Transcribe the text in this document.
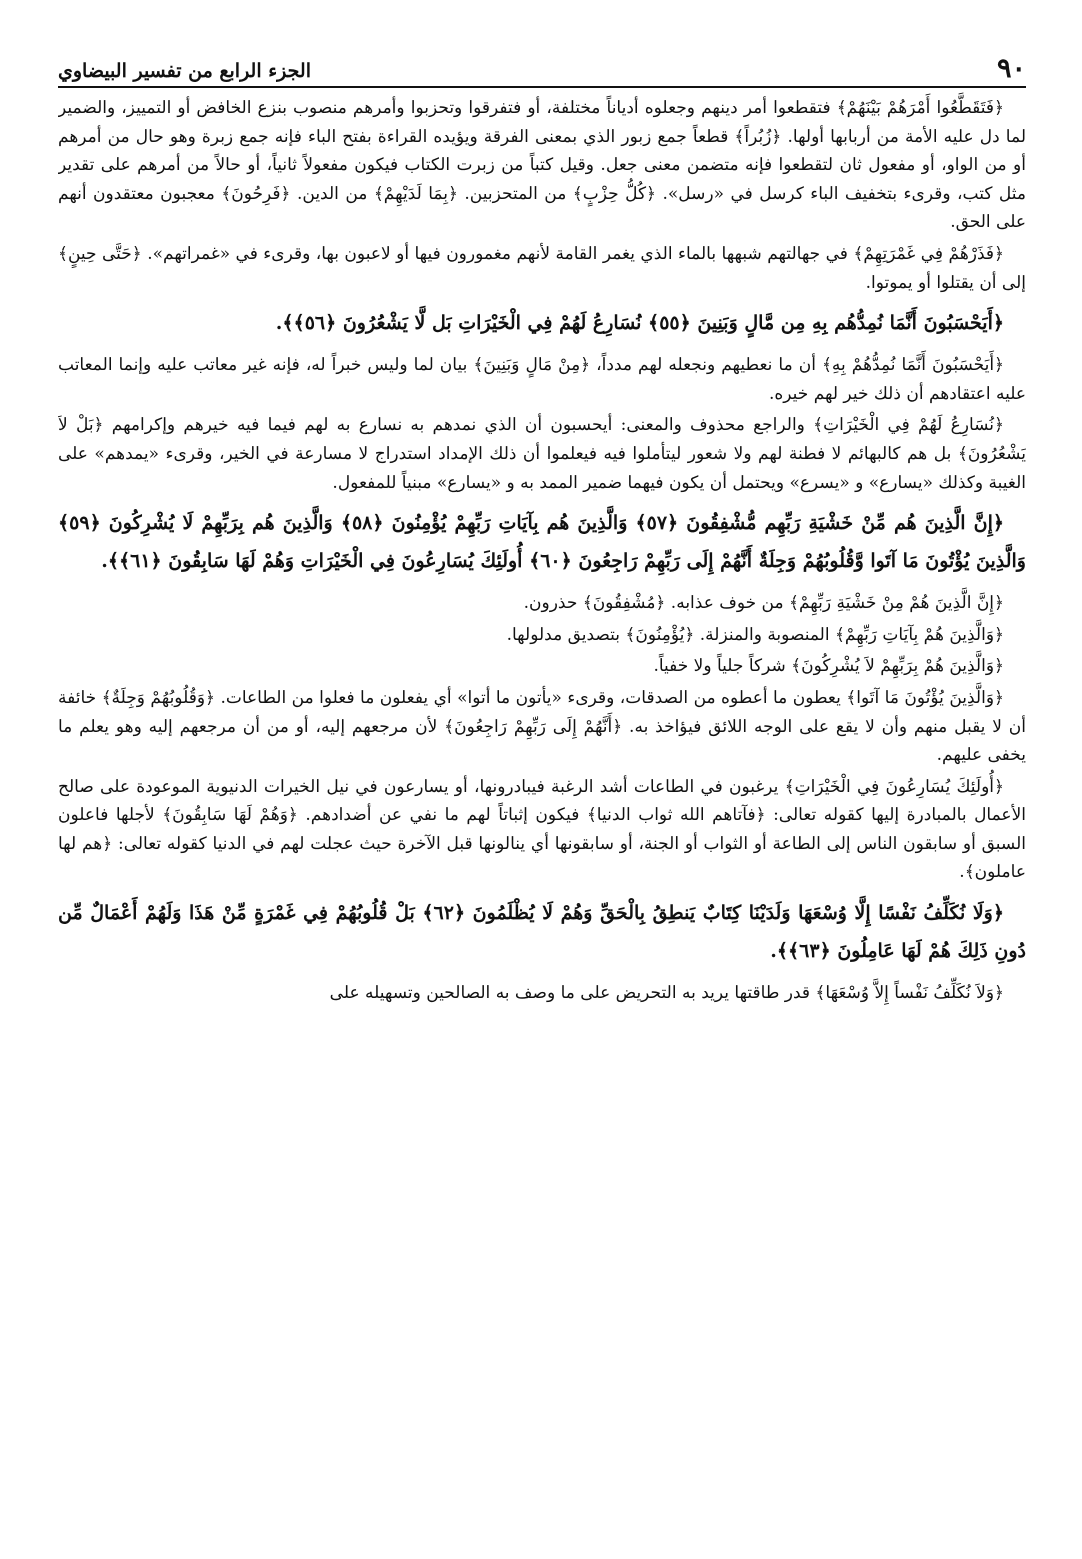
٩٠
الجزء الرابع من تفسير البيضاوي

﴿فَتَقَطَّعُوا أَمْرَهُمْ بَيْنَهُمْ﴾ فتقطعوا أمر دينهم وجعلوه أدياناً مختلفة، أو فتفرقوا وتحزبوا وأمرهم منصوب بنزع الخافض أو التمييز، والضمير لما دل عليه الأمة من أربابها أولها. ﴿زُبُراً﴾ قطعاً جمع زبور الذي بمعنى الفرقة ويؤيده القراءة بفتح الباء فإنه جمع زبرة وهو حال من أمرهم أو من الواو، أو مفعول ثان لتقطعوا فإنه متضمن معنى جعل. وقيل كتباً من زبرت الكتاب فيكون مفعولاً ثانياً، أو حالاً من أمرهم على تقدير مثل كتب، وقرىء بتخفيف الباء كرسل في «رسل». ﴿كُلُّ حِزْبٍ﴾ من المتحزبين. ﴿بِمَا لَدَيْهِمْ﴾ من الدين. ﴿فَرِحُونَ﴾ معجبون معتقدون أنهم على الحق.

﴿فَذَرْهُمْ فِي غَمْرَتِهِمْ﴾ في جهالتهم شبهها بالماء الذي يغمر القامة لأنهم مغمورون فيها أو لاعبون بها، وقرىء في «غمراتهم». ﴿حَتَّى حِينٍ﴾ إلى أن يقتلوا أو يموتوا.

﴿أَيَحْسَبُونَ أَنَّمَا نُمِدُّهُم بِهِ مِن مَّالٍ وَبَنِينَ ﴿٥٥﴾ نُسَارِعُ لَهُمْ فِي الْخَيْرَاتِ بَل لَّا يَشْعُرُونَ ﴿٥٦﴾﴾.

﴿أَيَحْسَبُونَ أَنَّمَا نُمِدُّهُمْ بِهِ﴾ أن ما نعطيهم ونجعله لهم مدداً، ﴿مِنْ مَالٍ وَبَنِينَ﴾ بيان لما وليس خبراً له، فإنه غير معاتب عليه وإنما المعاتب عليه اعتقادهم أن ذلك خير لهم خيره.

﴿نُسَارِعُ لَهُمْ فِي الْخَيْرَاتِ﴾ والراجع محذوف والمعنى: أيحسبون أن الذي نمدهم به نسارع به لهم فيما فيه خيرهم وإكرامهم ﴿بَلْ لاَ يَشْعُرُونَ﴾ بل هم كالبهائم لا فطنة لهم ولا شعور ليتأملوا فيه فيعلموا أن ذلك الإمداد استدراج لا مسارعة في الخير، وقرىء «يمدهم» على الغيبة وكذلك «يسارع» و «يسرع» ويحتمل أن يكون فيهما ضمير الممد به و «يسارع» مبنياً للمفعول.

﴿إِنَّ الَّذِينَ هُم مِّنْ خَشْيَةِ رَبِّهِم مُّشْفِقُونَ ﴿٥٧﴾ وَالَّذِينَ هُم بِآيَاتِ رَبِّهِمْ يُؤْمِنُونَ ﴿٥٨﴾ وَالَّذِينَ هُم بِرَبِّهِمْ لَا يُشْرِكُونَ ﴿٥٩﴾ وَالَّذِينَ يُؤْتُونَ مَا آتَوا وَّقُلُوبُهُمْ وَجِلَةٌ أَنَّهُمْ إِلَى رَبِّهِمْ رَاجِعُونَ ﴿٦٠﴾ أُولَئِكَ يُسَارِعُونَ فِي الْخَيْرَاتِ وَهُمْ لَهَا سَابِقُونَ ﴿٦١﴾﴾.

﴿إِنَّ الَّذِينَ هُمْ مِنْ خَشْيَةِ رَبِّهِمْ﴾ من خوف عذابه. ﴿مُشْفِقُونَ﴾ حذرون.

﴿وَالَّذِينَ هُمْ بِآيَاتِ رَبِّهِمْ﴾ المنصوبة والمنزلة. ﴿يُؤْمِنُونَ﴾ بتصديق مدلولها.

﴿وَالَّذِينَ هُمْ بِرَبِّهِمْ لاَ يُشْرِكُونَ﴾ شركاً جلياً ولا خفياً.

﴿وَالَّذِينَ يُؤْتُونَ مَا آتَوا﴾ يعطون ما أعطوه من الصدقات، وقرىء «يأتون ما أتوا» أي يفعلون ما فعلوا من الطاعات. ﴿وَقُلُوبُهُمْ وَجِلَةٌ﴾ خائفة أن لا يقبل منهم وأن لا يقع على الوجه اللائق فيؤاخذ به. ﴿أَنَّهُمْ إِلَى رَبِّهِمْ رَاجِعُونَ﴾ لأن مرجعهم إليه، أو من أن مرجعهم إليه وهو يعلم ما يخفى عليهم.

﴿أُولَئِكَ يُسَارِعُونَ فِي الْخَيْرَاتِ﴾ يرغبون في الطاعات أشد الرغبة فيبادرونها، أو يسارعون في نيل الخيرات الدنيوية الموعودة على صالح الأعمال بالمبادرة إليها كقوله تعالى: ﴿فآتاهم الله ثواب الدنيا﴾ فيكون إثباتاً لهم ما نفي عن أضدادهم. ﴿وَهُمْ لَهَا سَابِقُونَ﴾ لأجلها فاعلون السبق أو سابقون الناس إلى الطاعة أو الثواب أو الجنة، أو سابقونها أي ينالونها قبل الآخرة حيث عجلت لهم في الدنيا كقوله تعالى: ﴿هم لها عاملون﴾.

﴿وَلَا نُكَلِّفُ نَفْسًا إِلَّا وُسْعَهَا وَلَدَيْنَا كِتَابٌ يَنطِقُ بِالْحَقِّ وَهُمْ لَا يُظْلَمُونَ ﴿٦٢﴾ بَلْ قُلُوبُهُمْ فِي غَمْرَةٍ مِّنْ هَذَا وَلَهُمْ أَعْمَالٌ مِّن دُونِ ذَلِكَ هُمْ لَهَا عَامِلُونَ ﴿٦٣﴾﴾.

﴿وَلاَ نُكَلِّفُ نَفْساً إِلاَّ وُسْعَهَا﴾ قدر طاقتها يريد به التحريض على ما وصف به الصالحين وتسهيله على
